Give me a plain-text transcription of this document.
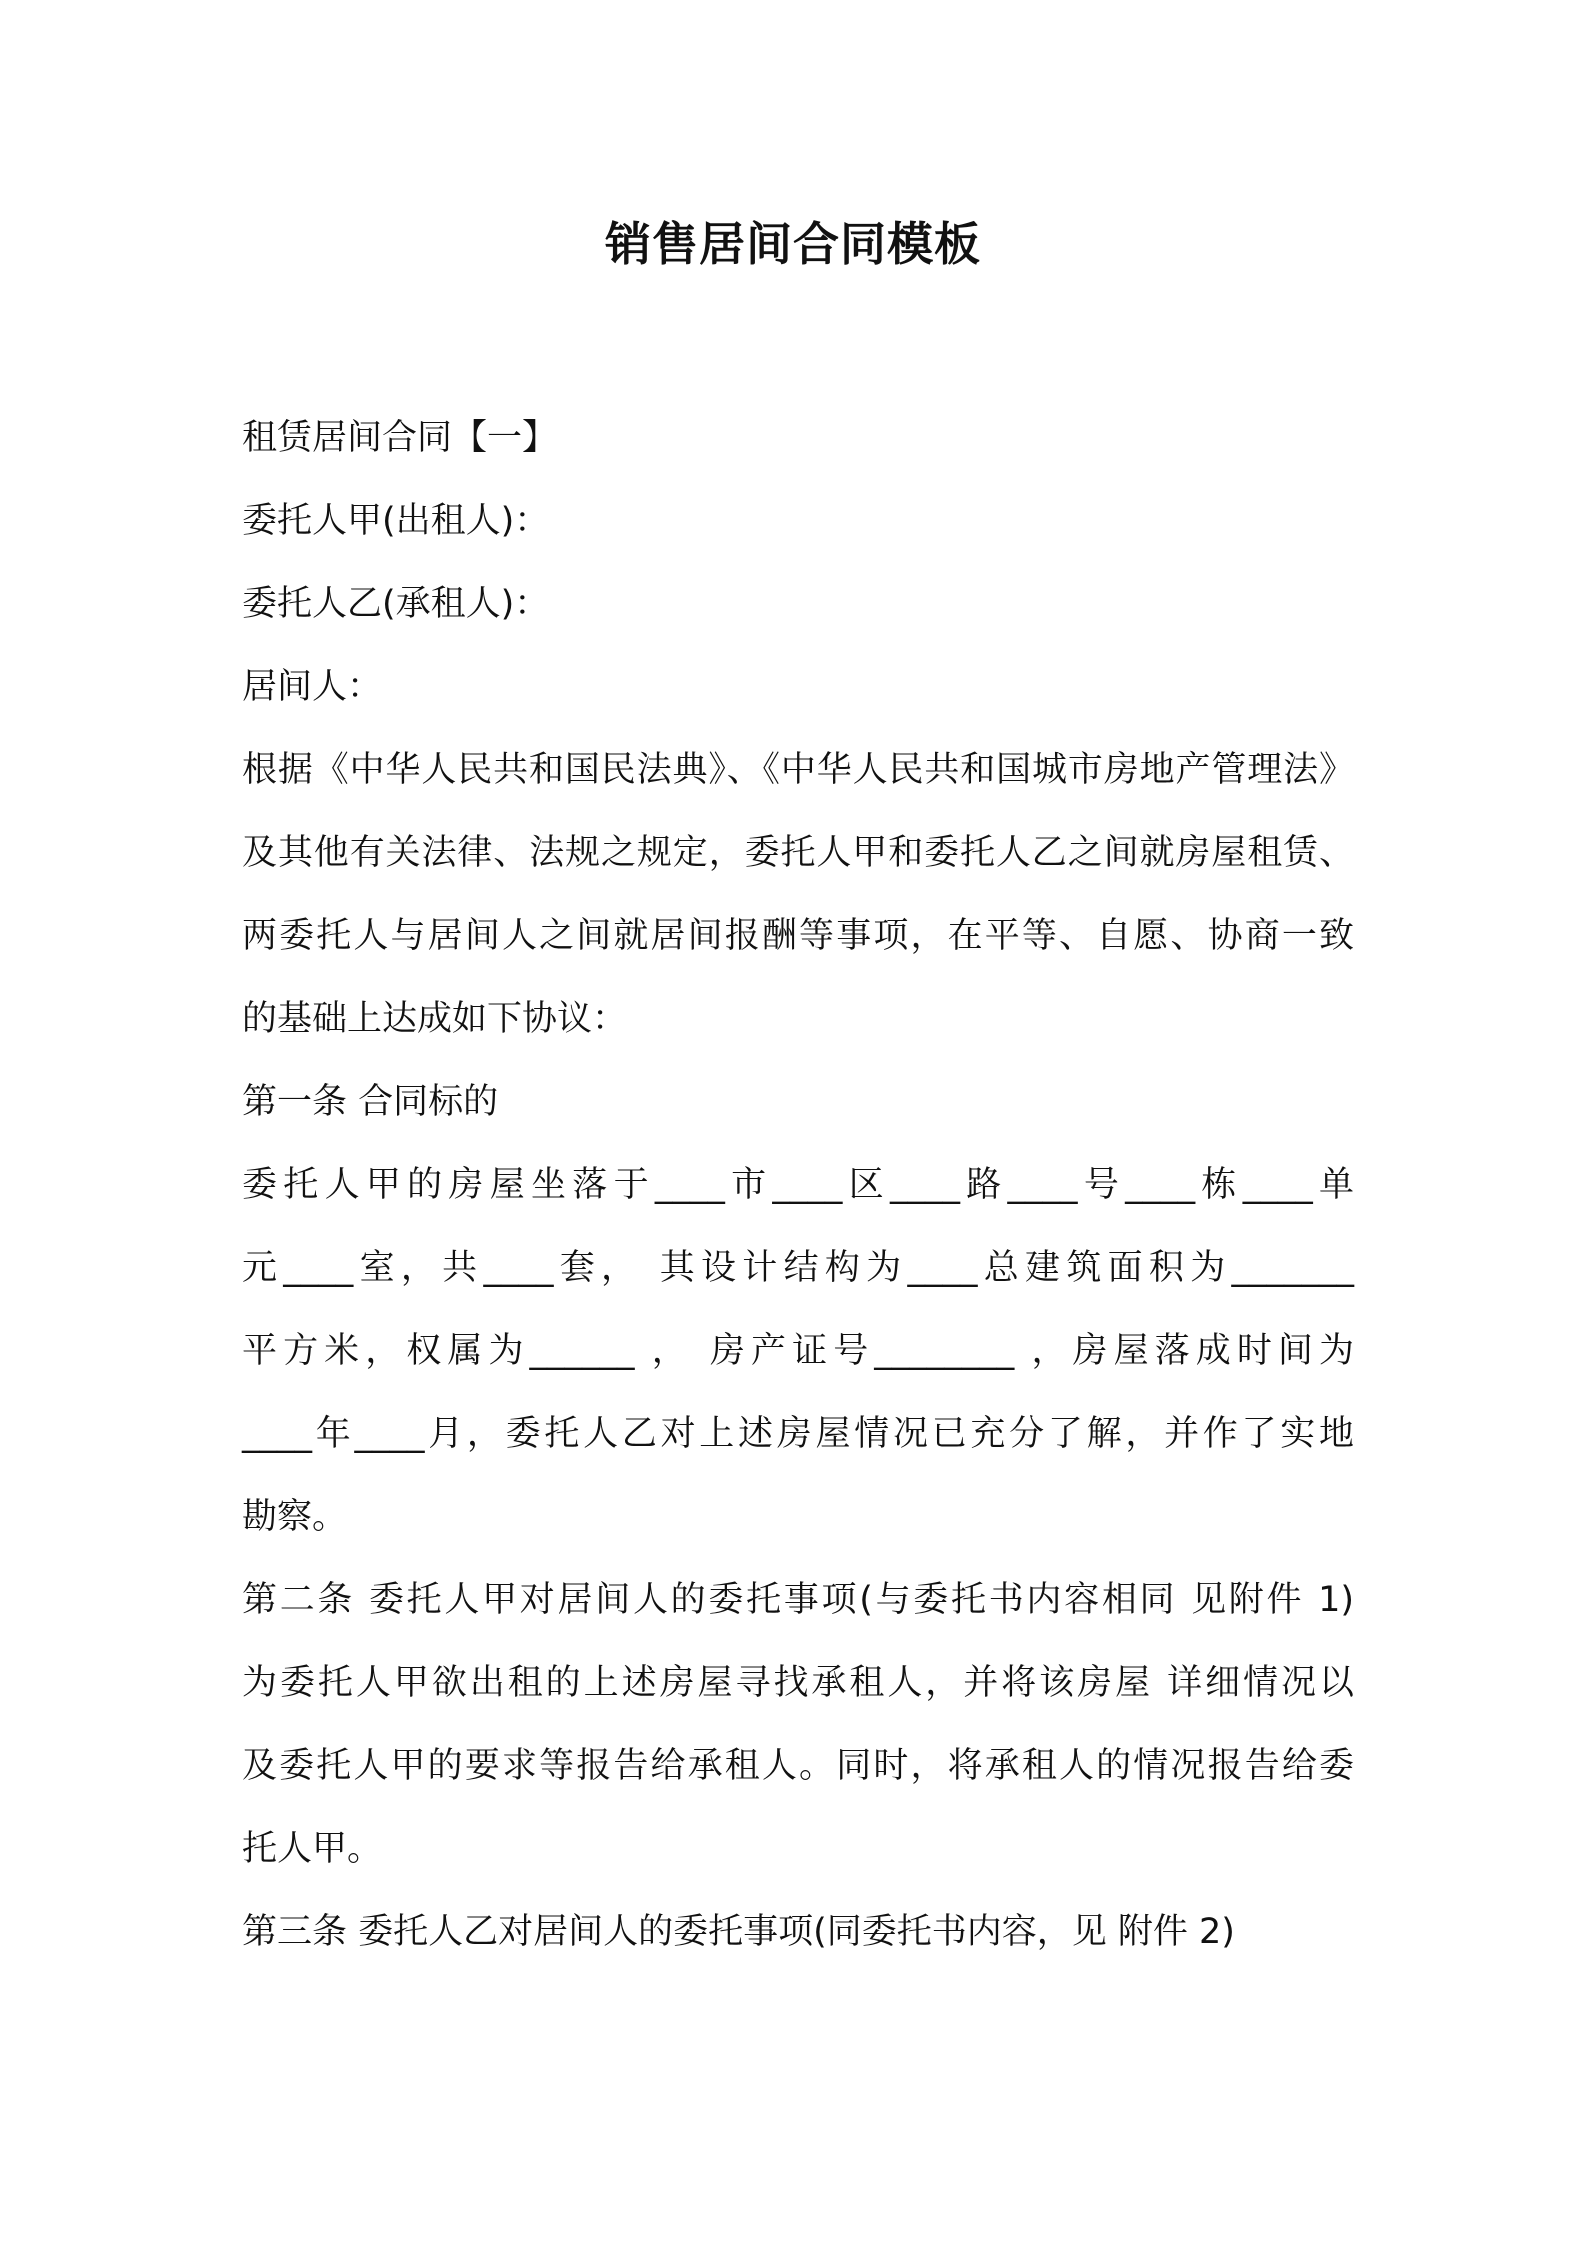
销售居间合同模板
租赁居间合同【一】
委托人甲(出租人)：
委托人乙(承租人)：
居间人：
根据《中华人民共和国民法典》、《中华人民共和国城市房地产管理法》
及其他有关法律、法规之规定，委托人甲和委托人乙之间就房屋租赁、
两委托人与居间人之间就居间报酬等事项，在平等、自愿、协商一致
的基础上达成如下协议：
第一条 合同标的
委托人甲的房屋坐落于____市____区____路____号____栋____单
元____室，共____套， 其设计结构为____总建筑面积为_______
平方米，权属为______ ， 房产证号________ ，房屋落成时间为
____年____月，委托人乙对上述房屋情况已充分了解，并作了实地
勘察。
第二条 委托人甲对居间人的委托事项(与委托书内容相同 见附件 1)
为委托人甲欲出租的上述房屋寻找承租人，并将该房屋 详细情况以
及委托人甲的要求等报告给承租人。同时，将承租人的情况报告给委
托人甲。
第三条 委托人乙对居间人的委托事项(同委托书内容，见 附件 2)
